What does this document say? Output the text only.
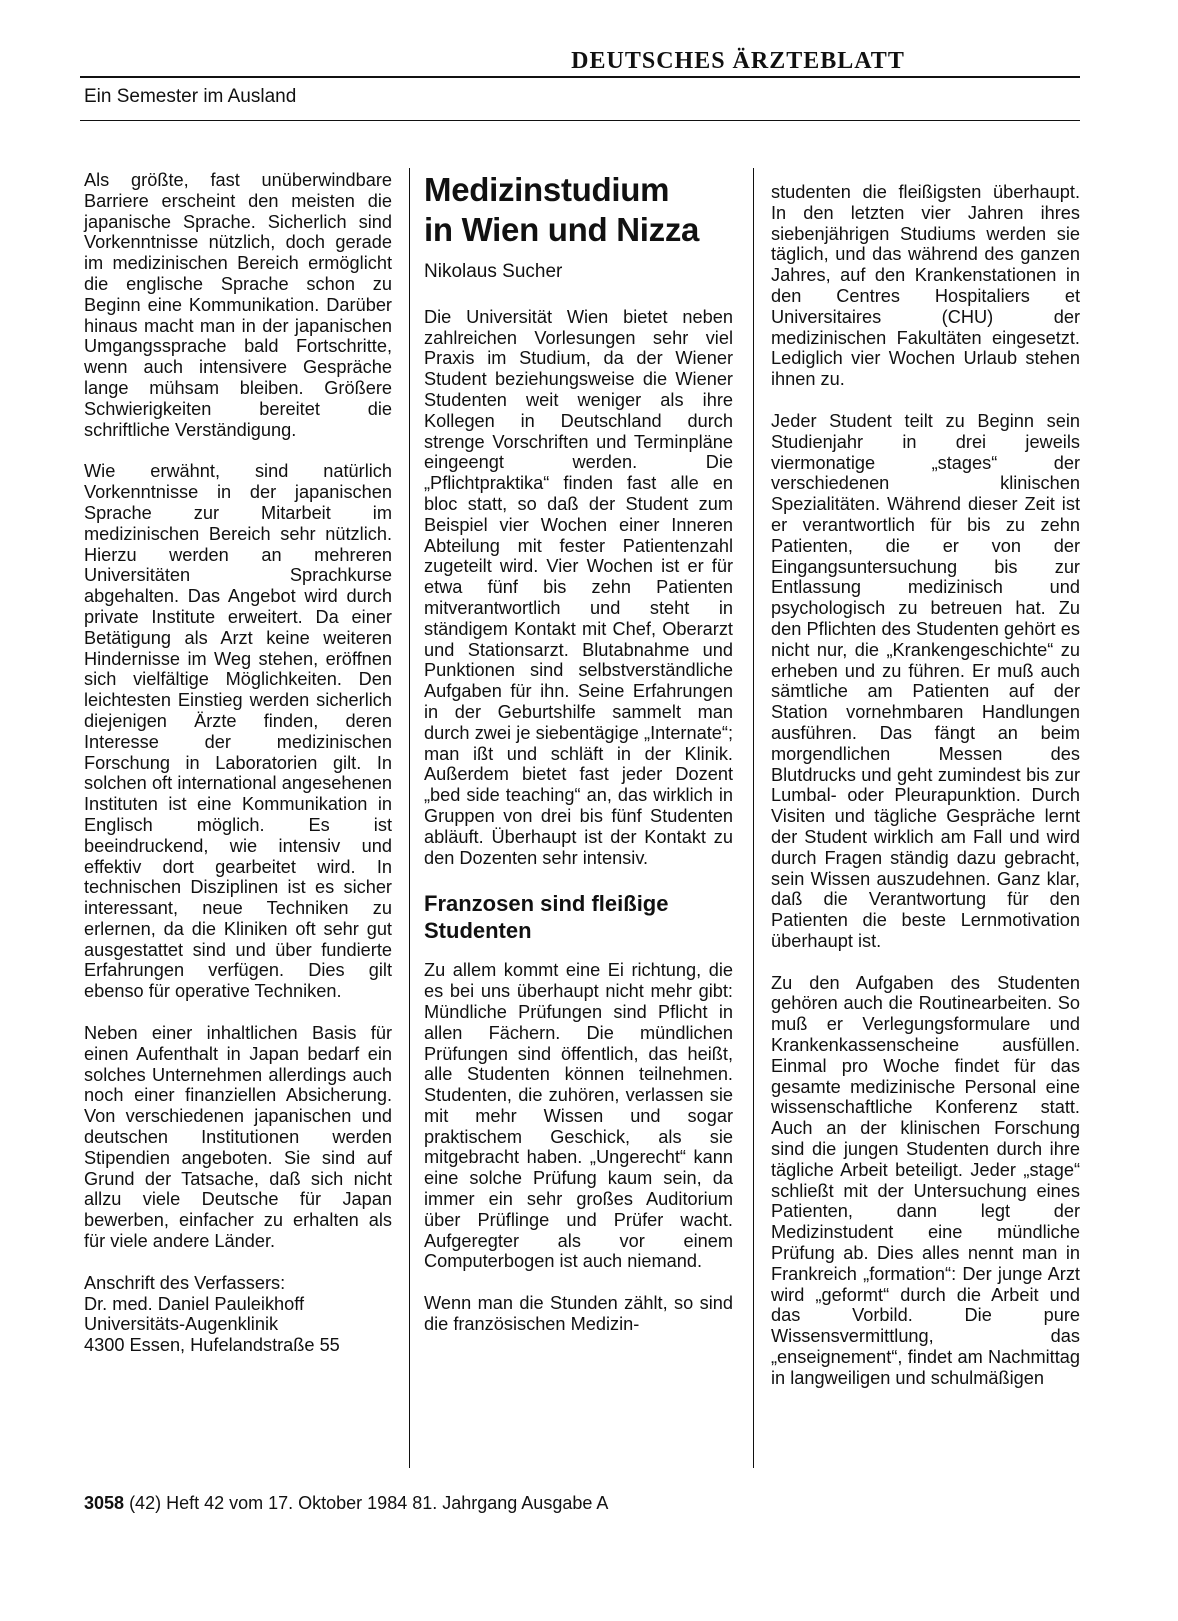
DEUTSCHES ÄRZTEBLATT
Ein Semester im Ausland

Als größte, fast unüberwindbare Barriere erscheint den meisten die japanische Sprache. Sicherlich sind Vorkenntnisse nützlich, doch gerade im medizinischen Bereich ermöglicht die englische Sprache schon zu Beginn eine Kommunikation. Darüber hinaus macht man in der japanischen Umgangssprache bald Fortschritte, wenn auch intensivere Gespräche lange mühsam bleiben. Größere Schwierigkeiten bereitet die schriftliche Verständigung.

Wie erwähnt, sind natürlich Vorkenntnisse in der japanischen Sprache zur Mitarbeit im medizinischen Bereich sehr nützlich. Hierzu werden an mehreren Universitäten Sprachkurse abgehalten. Das Angebot wird durch private Institute erweitert. Da einer Betätigung als Arzt keine weiteren Hindernisse im Weg stehen, eröffnen sich vielfältige Möglichkeiten. Den leichtesten Einstieg werden sicherlich diejenigen Ärzte finden, deren Interesse der medizinischen Forschung in Laboratorien gilt. In solchen oft international angesehenen Instituten ist eine Kommunikation in Englisch möglich. Es ist beeindruckend, wie intensiv und effektiv dort gearbeitet wird. In technischen Disziplinen ist es sicher interessant, neue Techniken zu erlernen, da die Kliniken oft sehr gut ausgestattet sind und über fundierte Erfahrungen verfügen. Dies gilt ebenso für operative Techniken.

Neben einer inhaltlichen Basis für einen Aufenthalt in Japan bedarf ein solches Unternehmen allerdings auch noch einer finanziellen Absicherung. Von verschiedenen japanischen und deutschen Institutionen werden Stipendien angeboten. Sie sind auf Grund der Tatsache, daß sich nicht allzu viele Deutsche für Japan bewerben, einfacher zu erhalten als für viele andere Länder.

Anschrift des Verfassers:

Dr. med. Daniel Pauleikhoff

Universitäts-Augenklinik

4300 Essen, Hufelandstraße 55

Medizinstudium
in Wien und Nizza
Nikolaus Sucher

Die Universität Wien bietet neben zahlreichen Vorlesungen sehr viel Praxis im Studium, da der Wiener Student beziehungsweise die Wiener Studenten weit weniger als ihre Kollegen in Deutschland durch strenge Vorschriften und Terminpläne eingeengt werden. Die „Pflichtpraktika“ finden fast alle en bloc statt, so daß der Student zum Beispiel vier Wochen einer Inneren Abteilung mit fester Patientenzahl zugeteilt wird. Vier Wochen ist er für etwa fünf bis zehn Patienten mitverantwortlich und steht in ständigem Kontakt mit Chef, Oberarzt und Stationsarzt. Blutabnahme und Punktionen sind selbstverständliche Aufgaben für ihn. Seine Erfahrungen in der Geburtshilfe sammelt man durch zwei je siebentägige „Internate“; man ißt und schläft in der Klinik. Außerdem bietet fast jeder Dozent „bed side teaching“ an, das wirklich in Gruppen von drei bis fünf Studenten abläuft. Überhaupt ist der Kontakt zu den Dozenten sehr intensiv.

Franzosen sind fleißige Studenten

Zu allem kommt eine Ei richtung, die es bei uns überhaupt nicht mehr gibt: Mündliche Prüfungen sind Pflicht in allen Fächern. Die mündlichen Prüfungen sind öffentlich, das heißt, alle Studenten können teilnehmen. Studenten, die zuhören, verlassen sie mit mehr Wissen und sogar praktischem Geschick, als sie mitgebracht haben. „Ungerecht“ kann eine solche Prüfung kaum sein, da immer ein sehr großes Auditorium über Prüflinge und Prüfer wacht. Aufgeregter als vor einem Computerbogen ist auch niemand.

Wenn man die Stunden zählt, so sind die französischen Medizin-

studenten die fleißigsten überhaupt. In den letzten vier Jahren ihres siebenjährigen Studiums werden sie täglich, und das während des ganzen Jahres, auf den Krankenstationen in den Centres Hospitaliers et Universitaires (CHU) der medizinischen Fakultäten eingesetzt. Lediglich vier Wochen Urlaub stehen ihnen zu.

Jeder Student teilt zu Beginn sein Studienjahr in drei jeweils viermonatige „stages“ der verschiedenen klinischen Spezialitäten. Während dieser Zeit ist er verantwortlich für bis zu zehn Patienten, die er von der Eingangsuntersuchung bis zur Entlassung medizinisch und psychologisch zu betreuen hat. Zu den Pflichten des Studenten gehört es nicht nur, die „Krankengeschichte“ zu erheben und zu führen. Er muß auch sämtliche am Patienten auf der Station vornehmbaren Handlungen ausführen. Das fängt an beim morgendlichen Messen des Blutdrucks und geht zumindest bis zur Lumbal- oder Pleurapunktion. Durch Visiten und tägliche Gespräche lernt der Student wirklich am Fall und wird durch Fragen ständig dazu gebracht, sein Wissen auszudehnen. Ganz klar, daß die Verantwortung für den Patienten die beste Lernmotivation überhaupt ist.

Zu den Aufgaben des Studenten gehören auch die Routinearbeiten. So muß er Verlegungsformulare und Krankenkassenscheine ausfüllen. Einmal pro Woche findet für das gesamte medizinische Personal eine wissenschaftliche Konferenz statt. Auch an der klinischen Forschung sind die jungen Studenten durch ihre tägliche Arbeit beteiligt. Jeder „stage“ schließt mit der Untersuchung eines Patienten, dann legt der Medizinstudent eine mündliche Prüfung ab. Dies alles nennt man in Frankreich „formation“: Der junge Arzt wird „geformt“ durch die Arbeit und das Vorbild. Die pure Wissensvermittlung, das „enseignement“, findet am Nachmittag in langweiligen und schulmäßigen

3058 (42) Heft 42 vom 17. Oktober 1984 81. Jahrgang Ausgabe A
